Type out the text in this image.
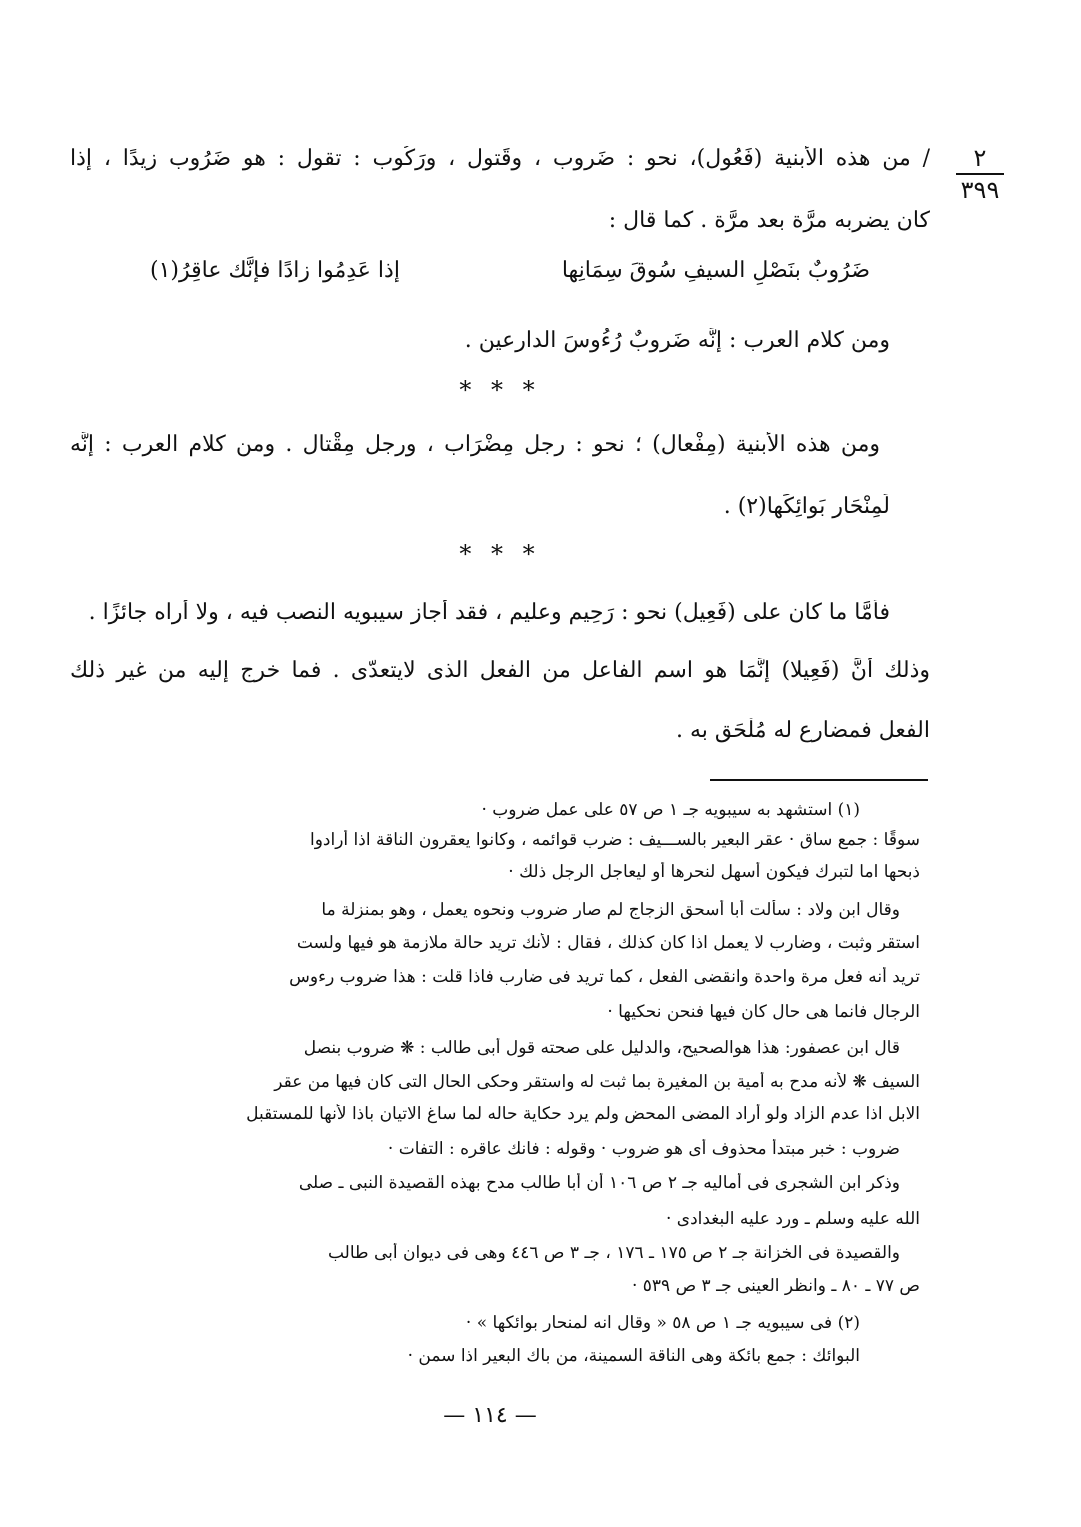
٢
٣٩٩
/ من هذه الأَبنية (فَعُول)، نحو : ضَروب ، وقَتول ، ورَكُوب : تقول : هو ضَرُوب زيدًا ، إذا
كان يضربه مرَّة بعد مرَّة . كما قال :
ومن كلام العرب : إنَّه ضَروبٌ رُءُوسَ الدارعين .
ومن هذه الأَبنية (مِفْعال) ؛ نحو : رجل مِضْرَاب ، ورجل مِقْتال . ومن كلام العرب : إِنَّه
لَمِنْحَار بَوائِكَها(٢) .
فأمَّا ما كان على (فَعِيل) نحو : رَحِيم وعليم ، فقد أجاز سيبويه النصب فيه ، ولا أَراه جائزًا .
وذلك أنَّ (فَعِيلا) إنَّمَا هو اسم الفاعل من الفعل الذى لايتعدّى . فما خرج إليه من غير ذلك
الفعل فمضارع له مُلْحَق به .
ضَرُوبٌ بنَصْلِ السيفِ سُوقَ سِمَانِها
إذا عَدِمُوا زادًا فإنَّك عاقِرُ(١)
* * *
* * *
(١) استشهد به سيبويه جـ ١ ص ٥٧ على عمل ضروب ·
سوقًا : جمع ساق · عقر البعير بالســـيف : ضرب قوائمه ، وكانوا يعقرون الناقة اذا أرادوا
ذبحها اما لتبرك فيكون أسهل لنحرها أو ليعاجل الرجل ذلك ·
وقال ابن ولاد : سألت أبا أسحق الزجاج لم صار ضروب ونحوه يعمل ، وهو بمنزلة ما
استقر وثبت ، وضارب لا يعمل اذا كان كذلك ، فقال : لأنك تريد حالة ملازمة هو فيها ولست
تريد أنه فعل مرة واحدة وانقضى الفعل ، كما تريد فى ضارب فاذا قلت : هذا ضروب رءوس
الرجال فانما هى حال كان فيها فنحن نحكيها ·
قال ابن عصفور: هذا هوالصحيح، والدليل على صحته قول أبى طالب : ❋ ضروب بنصل
السيف ❋ لأنه مدح به أمية بن المغيرة بما ثبت له واستقر وحكى الحال التى كان فيها من عقر
الابل اذا عدم الزاد ولو أراد المضى المحض ولم يرد حكاية حاله لما ساغ الاتيان باذا لأنها للمستقبل
ضروب : خبر مبتدأ محذوف أى هو ضروب · وقوله : فانك عاقره : التفات ·
وذكر ابن الشجرى فى أماليه جـ ٢ ص ١٠٦ أن أبا طالب مدح بهذه القصيدة النبى ـ صلى
الله عليه وسلم ـ ورد عليه البغدادى ·
والقصيدة فى الخزانة جـ ٢ ص ١٧٥ ـ ١٧٦ ، جـ ٣ ص ٤٤٦ وهى فى ديوان أبى طالب
ص ٧٧ ـ ٨٠ ـ وانظر العينى جـ ٣ ص ٥٣٩ ·
(٢) فى سيبويه جـ ١ ص ٥٨ « وقال انه لمنحار بوائكها » ·
البوائك : جمع بائكة وهى الناقة السمينة، من باك البعير اذا سمن ·
— ١١٤ —
